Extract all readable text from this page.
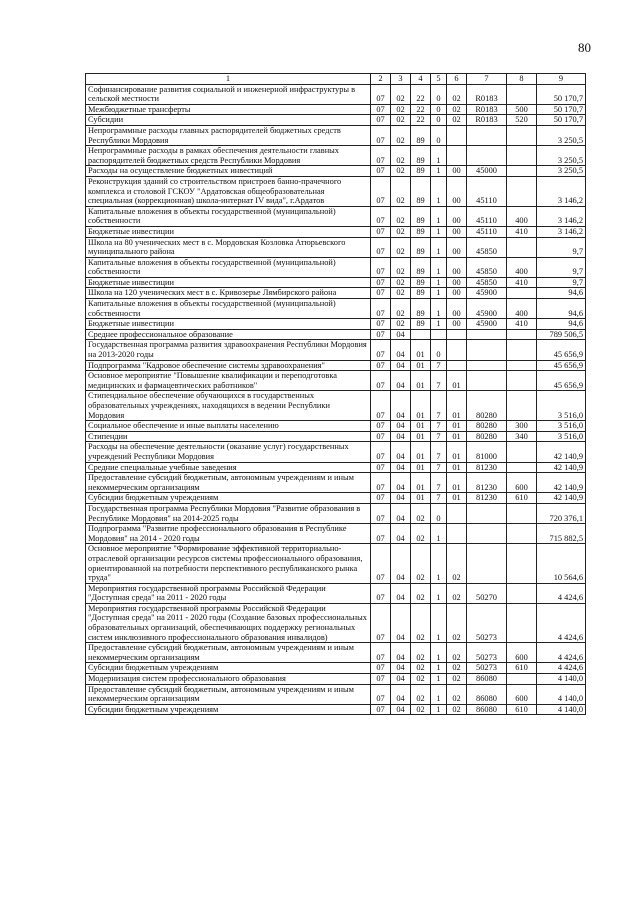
80
1	2	3	4	5	6	7	8	9
Софинансирование развития социальной и инженерной инфраструктуры в сельской местности	07	02	22	0	02	R0183		50 170,7
Межбюджетные трансферты	07	02	22	0	02	R0183	500	50 170,7
Субсидии	07	02	22	0	02	R0183	520	50 170,7
Непрограммные расходы главных распорядителей бюджетных средств Республики Мордовия	07	02	89	0				3 250,5
Непрограммные расходы в рамках обеспечения деятельности главных распорядителей бюджетных средств Республики Мордовия	07	02	89	1				3 250,5
Расходы на осуществление бюджетных инвестиций	07	02	89	1	00	45000		3 250,5
Реконструкция зданий со строительством пристроев банно-прачечного комплекса и столовой ГСКОУ "Ардатовская общеобразовательная специальная (коррекционная) школа-интернат IV вида", г.Ардатов	07	02	89	1	00	45110		3 146,2
Капитальные вложения в объекты государственной (муниципальной) собственности	07	02	89	1	00	45110	400	3 146,2
Бюджетные инвестиции	07	02	89	1	00	45110	410	3 146,2
Школа на 80 ученических мест в с. Мордовская Козловка Атюрьевского муниципального района	07	02	89	1	00	45850		9,7
Капитальные вложения в объекты государственной (муниципальной) собственности	07	02	89	1	00	45850	400	9,7
Бюджетные инвестиции	07	02	89	1	00	45850	410	9,7
Школа на 120 ученических мест в с. Кривозерье Лямбирского района	07	02	89	1	00	45900		94,6
Капитальные вложения в объекты государственной (муниципальной) собственности	07	02	89	1	00	45900	400	94,6
Бюджетные инвестиции	07	02	89	1	00	45900	410	94,6
Среднее профессиональное образование	07	04						789 506,5
Государственная программа развития здравоохранения Республики Мордовия на 2013-2020 годы	07	04	01	0				45 656,9
Подпрограмма "Кадровое обеспечение системы здравоохранения"	07	04	01	7				45 656,9
Основное мероприятие "Повышение квалификации и переподготовка медицинских и фармацевтических работников"	07	04	01	7	01			45 656,9
Стипендиальное обеспечение обучающихся в государственных образовательных учреждениях, находящихся в ведении Республики Мордовия	07	04	01	7	01	80280		3 516,0
Социальное обеспечение и иные выплаты населению	07	04	01	7	01	80280	300	3 516,0
Стипендии	07	04	01	7	01	80280	340	3 516,0
Расходы на обеспечение деятельности (оказание услуг) государственных учреждений Республики Мордовия	07	04	01	7	01	81000		42 140,9
Средние специальные учебные заведения	07	04	01	7	01	81230		42 140,9
Предоставление субсидий бюджетным, автономным учреждениям и иным некоммерческим организациям	07	04	01	7	01	81230	600	42 140,9
Субсидии бюджетным учреждениям	07	04	01	7	01	81230	610	42 140,9
Государственная программа Республики Мордовия "Развитие образования в Республике Мордовия" на 2014-2025 годы	07	04	02	0				720 376,1
Подпрограмма "Развитие профессионального образования в Республике Мордовия" на 2014 - 2020 годы	07	04	02	1				715 882,5
Основное мероприятие "Формирование эффективной территориально-отраслевой организации ресурсов системы профессионального образования, ориентированной на потребности перспективного республиканского рынка труда"	07	04	02	1	02			10 564,6
Мероприятия государственной программы Российской Федерации "Доступная среда" на 2011 - 2020 годы	07	04	02	1	02	50270		4 424,6
Мероприятия государственной программы Российской Федерации "Доступная среда" на 2011 - 2020 годы (Создание базовых профессиональных образовательных организаций, обеспечивающих поддержку региональных систем инклюзивного профессионального образования инвалидов)	07	04	02	1	02	50273		4 424,6
Предоставление субсидий бюджетным, автономным учреждениям и иным некоммерческим организациям	07	04	02	1	02	50273	600	4 424,6
Субсидии бюджетным учреждениям	07	04	02	1	02	50273	610	4 424,6
Модернизация систем профессионального образования	07	04	02	1	02	86080		4 140,0
Предоставление субсидий бюджетным, автономным учреждениям и иным некоммерческим организациям	07	04	02	1	02	86080	600	4 140,0
Субсидии бюджетным учреждениям	07	04	02	1	02	86080	610	4 140,0
